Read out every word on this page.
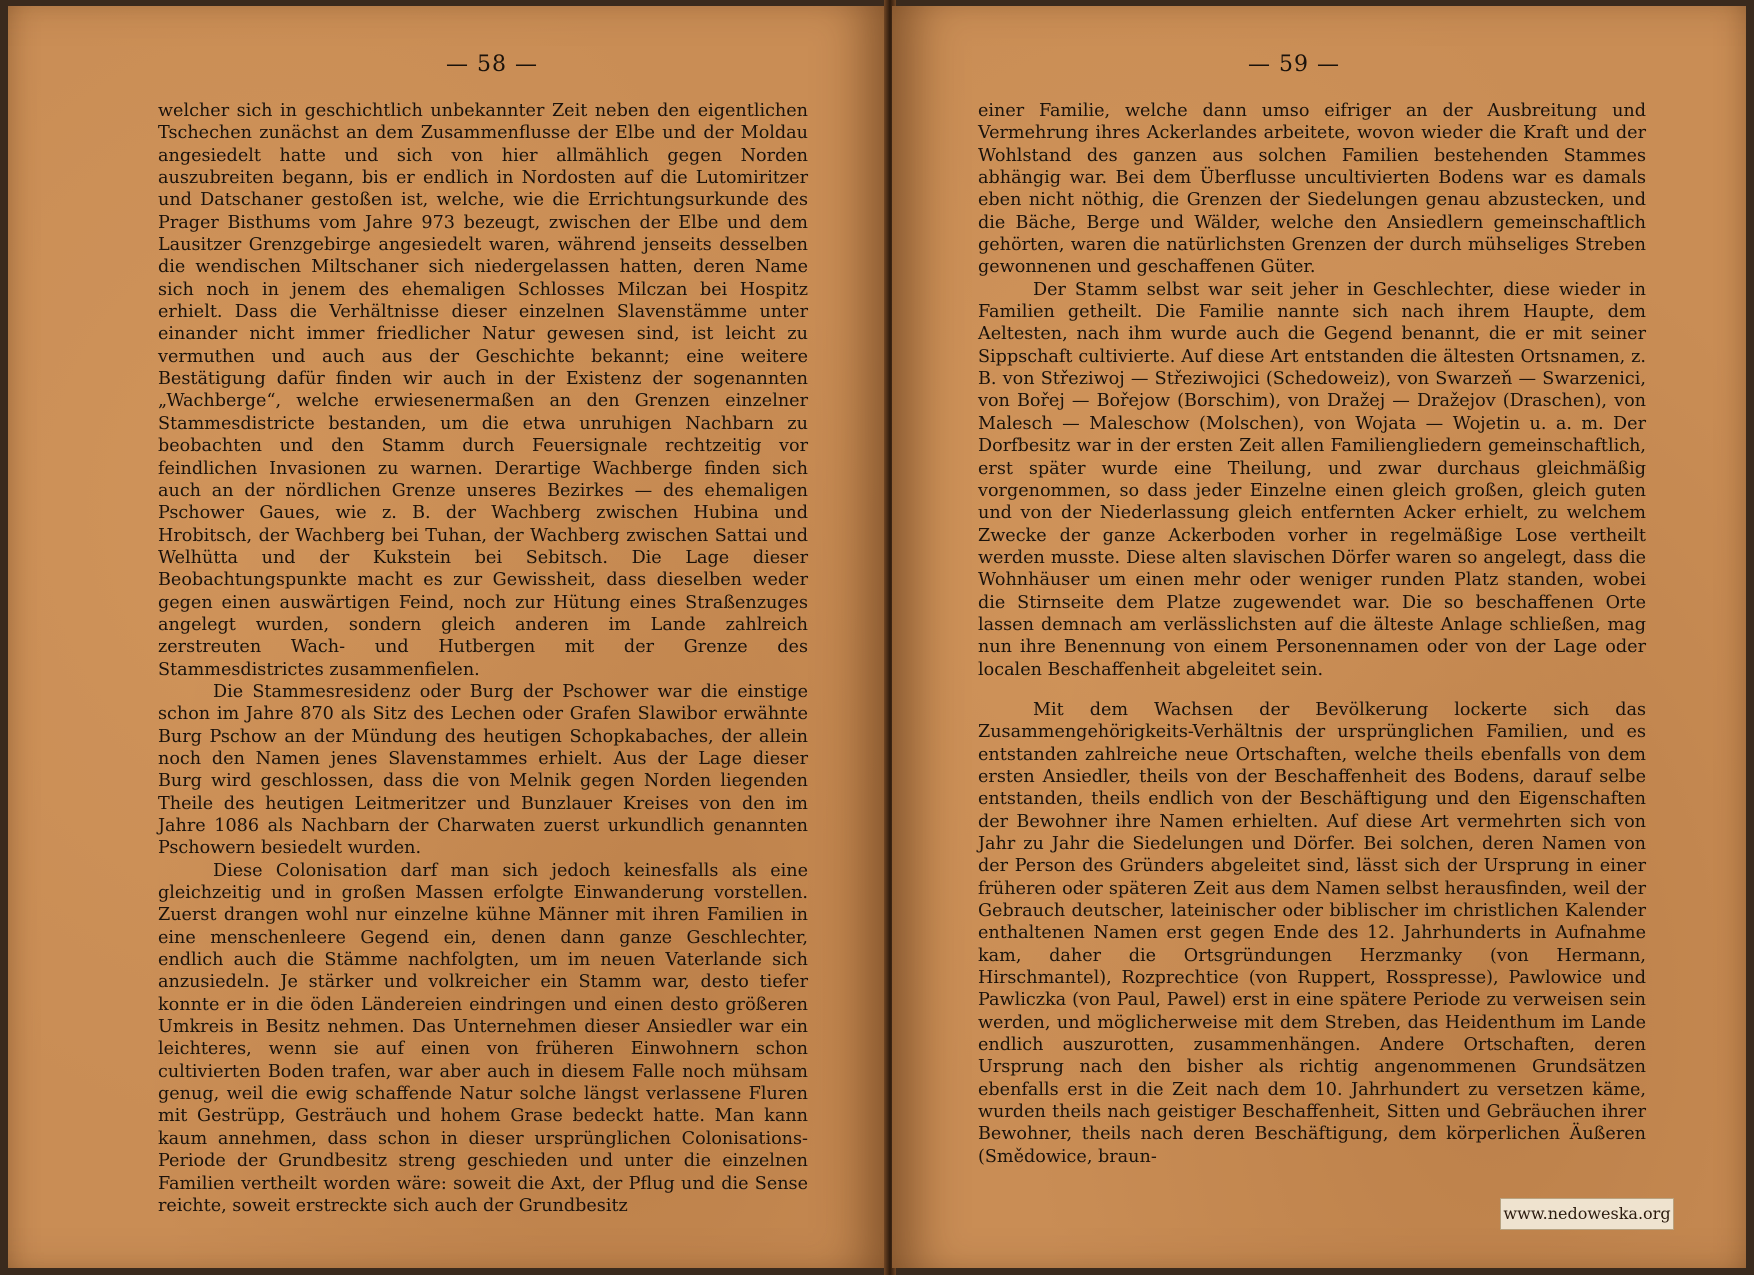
— 58 —

welcher sich in geschichtlich unbekannter Zeit neben den eigentlichen Tschechen zunächst an dem Zusammenflusse der Elbe und der Moldau angesiedelt hatte und sich von hier allmählich gegen Norden auszubreiten begann, bis er endlich in Nordosten auf die Lutomiritzer und Datschaner gestoßen ist, welche, wie die Errichtungsurkunde des Prager Bisthums vom Jahre 973 bezeugt, zwischen der Elbe und dem Lausitzer Grenzgebirge angesiedelt waren, während jenseits desselben die wendischen Miltschaner sich niedergelassen hatten, deren Name sich noch in jenem des ehemaligen Schlosses Milczan bei Hospitz erhielt. Dass die Verhältnisse dieser einzelnen Slavenstämme unter einander nicht immer friedlicher Natur gewesen sind, ist leicht zu vermuthen und auch aus der Geschichte bekannt; eine weitere Bestätigung dafür finden wir auch in der Existenz der sogenannten „Wachberge“, welche erwiesenermaßen an den Grenzen einzelner Stammesdistricte bestanden, um die etwa unruhigen Nachbarn zu beobachten und den Stamm durch Feuersignale rechtzeitig vor feindlichen Invasionen zu warnen. Derartige Wachberge finden sich auch an der nördlichen Grenze unseres Bezirkes — des ehemaligen Pschower Gaues, wie z. B. der Wachberg zwischen Hubina und Hrobitsch, der Wachberg bei Tuhan, der Wachberg zwischen Sattai und Welhütta und der Kukstein bei Sebitsch. Die Lage dieser Beobachtungspunkte macht es zur Gewissheit, dass dieselben weder gegen einen auswärtigen Feind, noch zur Hütung eines Straßenzuges angelegt wurden, sondern gleich anderen im Lande zahlreich zerstreuten Wach- und Hutbergen mit der Grenze des Stammesdistrictes zusammenfielen.

Die Stammesresidenz oder Burg der Pschower war die einstige schon im Jahre 870 als Sitz des Lechen oder Grafen Slawibor erwähnte Burg Pschow an der Mündung des heutigen Schopkabaches, der allein noch den Namen jenes Slavenstammes erhielt. Aus der Lage dieser Burg wird geschlossen, dass die von Melnik gegen Norden liegenden Theile des heutigen Leitmeritzer und Bunzlauer Kreises von den im Jahre 1086 als Nachbarn der Charwaten zuerst urkundlich genannten Pschowern besiedelt wurden.

Diese Colonisation darf man sich jedoch keinesfalls als eine gleichzeitig und in großen Massen erfolgte Einwanderung vorstellen. Zuerst drangen wohl nur einzelne kühne Männer mit ihren Familien in eine menschenleere Gegend ein, denen dann ganze Geschlechter, endlich auch die Stämme nachfolgten, um im neuen Vaterlande sich anzusiedeln. Je stärker und volkreicher ein Stamm war, desto tiefer konnte er in die öden Ländereien eindringen und einen desto größeren Umkreis in Besitz nehmen. Das Unternehmen dieser Ansiedler war ein leichteres, wenn sie auf einen von früheren Einwohnern schon cultivierten Boden trafen, war aber auch in diesem Falle noch mühsam genug, weil die ewig schaffende Natur solche längst verlassene Fluren mit Gestrüpp, Gesträuch und hohem Grase bedeckt hatte. Man kann kaum annehmen, dass schon in dieser ursprünglichen Colonisations-Periode der Grundbesitz streng geschieden und unter die einzelnen Familien vertheilt worden wäre: soweit die Axt, der Pflug und die Sense reichte, soweit erstreckte sich auch der Grundbesitz

— 59 —

einer Familie, welche dann umso eifriger an der Ausbreitung und Vermehrung ihres Ackerlandes arbeitete, wovon wieder die Kraft und der Wohlstand des ganzen aus solchen Familien bestehenden Stammes abhängig war. Bei dem Überflusse uncultivierten Bodens war es damals eben nicht nöthig, die Grenzen der Siedelungen genau abzustecken, und die Bäche, Berge und Wälder, welche den Ansiedlern gemeinschaftlich gehörten, waren die natürlichsten Grenzen der durch mühseliges Streben gewonnenen und geschaffenen Güter.

Der Stamm selbst war seit jeher in Geschlechter, diese wieder in Familien getheilt. Die Familie nannte sich nach ihrem Haupte, dem Aeltesten, nach ihm wurde auch die Gegend benannt, die er mit seiner Sippschaft cultivierte. Auf diese Art entstanden die ältesten Ortsnamen, z. B. von Střeziwoj — Střeziwojici (Schedoweiz), von Swarzeň — Swarzenici, von Bořej — Bořejow (Borschim), von Dražej — Dražejov (Draschen), von Malesch — Maleschow (Molschen), von Wojata — Wojetin u. a. m. Der Dorfbesitz war in der ersten Zeit allen Familiengliedern gemeinschaftlich, erst später wurde eine Theilung, und zwar durchaus gleichmäßig vorgenommen, so dass jeder Einzelne einen gleich großen, gleich guten und von der Niederlassung gleich entfernten Acker erhielt, zu welchem Zwecke der ganze Ackerboden vorher in regelmäßige Lose vertheilt werden musste. Diese alten slavischen Dörfer waren so angelegt, dass die Wohnhäuser um einen mehr oder weniger runden Platz standen, wobei die Stirnseite dem Platze zugewendet war. Die so beschaffenen Orte lassen demnach am verlässlichsten auf die älteste Anlage schließen, mag nun ihre Benennung von einem Personennamen oder von der Lage oder localen Beschaffenheit abgeleitet sein.

Mit dem Wachsen der Bevölkerung lockerte sich das Zusammengehörigkeits-Verhältnis der ursprünglichen Familien, und es entstanden zahlreiche neue Ortschaften, welche theils ebenfalls von dem ersten Ansiedler, theils von der Beschaffenheit des Bodens, darauf selbe entstanden, theils endlich von der Beschäftigung und den Eigenschaften der Bewohner ihre Namen erhielten. Auf diese Art vermehrten sich von Jahr zu Jahr die Siedelungen und Dörfer. Bei solchen, deren Namen von der Person des Gründers abgeleitet sind, lässt sich der Ursprung in einer früheren oder späteren Zeit aus dem Namen selbst herausfinden, weil der Gebrauch deutscher, lateinischer oder biblischer im christlichen Kalender enthaltenen Namen erst gegen Ende des 12. Jahrhunderts in Aufnahme kam, daher die Ortsgründungen Herzmanky (von Hermann, Hirschmantel), Rozprechtice (von Ruppert, Rosspresse), Pawlowice und Pawliczka (von Paul, Pawel) erst in eine spätere Periode zu verweisen sein werden, und möglicherweise mit dem Streben, das Heidenthum im Lande endlich auszurotten, zusammenhängen. Andere Ortschaften, deren Ursprung nach den bisher als richtig angenommenen Grundsätzen ebenfalls erst in die Zeit nach dem 10. Jahrhundert zu versetzen käme, wurden theils nach geistiger Beschaffenheit, Sitten und Gebräuchen ihrer Bewohner, theils nach deren Beschäftigung, dem körperlichen Äußeren (Smědowice, braun-

www.nedoweska.org
